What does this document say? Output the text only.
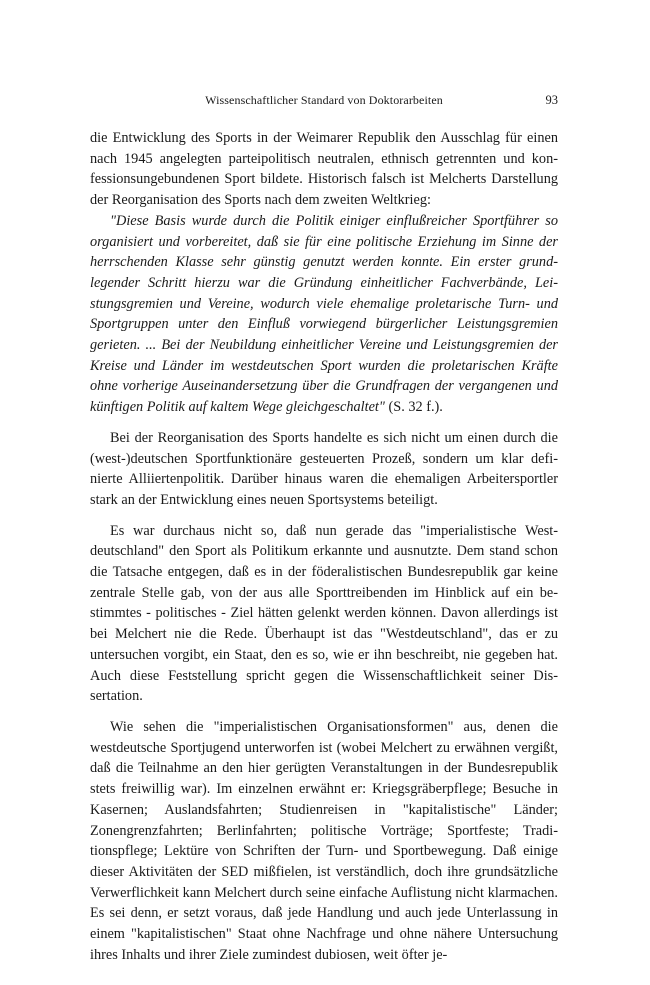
Wissenschaftlicher Standard von Doktorarbeiten	93

die Entwicklung des Sports in der Weimarer Republik den Ausschlag für einen nach 1945 angelegten parteipolitisch neutralen, ethnisch getrennten und konfessionsungebundenen Sport bildete. Historisch falsch ist Melcherts Darstellung der Reorganisation des Sports nach dem zweiten Weltkrieg:

"Diese Basis wurde durch die Politik einiger einflußreicher Sportführer so organisiert und vorbereitet, daß sie für eine politische Erziehung im Sinne der herrschenden Klasse sehr günstig genutzt werden konnte. Ein erster grundlegender Schritt hierzu war die Gründung einheitlicher Fachverbände, Leistungsgremien und Vereine, wodurch viele ehemalige proletarische Turn- und Sportgruppen unter den Einfluß vorwiegend bürgerlicher Leistungsgremien gerieten. ... Bei der Neubildung einheitlicher Vereine und Leistungsgremien der Kreise und Länder im westdeutschen Sport wurden die proletarischen Kräfte ohne vorherige Auseinandersetzung über die Grundfragen der vergangenen und künftigen Politik auf kaltem Wege gleichgeschaltet" (S. 32 f.).

Bei der Reorganisation des Sports handelte es sich nicht um einen durch die (west-)deutschen Sportfunktionäre gesteuerten Prozeß, sondern um klar definierte Alliiertenpolitik. Darüber hinaus waren die ehemaligen Arbeitersportler stark an der Entwicklung eines neuen Sportsystems beteiligt.

Es war durchaus nicht so, daß nun gerade das "imperialistische Westdeutschland" den Sport als Politikum erkannte und ausnutzte. Dem stand schon die Tatsache entgegen, daß es in der föderalistischen Bundesrepublik gar keine zentrale Stelle gab, von der aus alle Sporttreibenden im Hinblick auf ein bestimmtes - politisches - Ziel hätten gelenkt werden können. Davon allerdings ist bei Melchert nie die Rede. Überhaupt ist das "Westdeutschland", das er zu untersuchen vorgibt, ein Staat, den es so, wie er ihn beschreibt, nie gegeben hat. Auch diese Feststellung spricht gegen die Wissenschaftlichkeit seiner Dissertation.

Wie sehen die "imperialistischen Organisationsformen" aus, denen die westdeutsche Sportjugend unterworfen ist (wobei Melchert zu erwähnen vergißt, daß die Teilnahme an den hier gerügten Veranstaltungen in der Bundesrepublik stets freiwillig war). Im einzelnen erwähnt er: Kriegsgräberpflege; Besuche in Kasernen; Auslandsfahrten; Studienreisen in "kapitalistische" Länder; Zonengrenzfahrten; Berlinfahrten; politische Vorträge; Sportfeste; Traditionspflege; Lektüre von Schriften der Turn- und Sportbewegung. Daß einige dieser Aktivitäten der SED mißfielen, ist verständlich, doch ihre grundsätzliche Verwerflichkeit kann Melchert durch seine einfache Auflistung nicht klarmachen. Es sei denn, er setzt voraus, daß jede Handlung und auch jede Unterlassung in einem "kapitalistischen" Staat ohne Nachfrage und ohne nähere Untersuchung ihres Inhalts und ihrer Ziele zumindest dubiosen, weit öfter je-
